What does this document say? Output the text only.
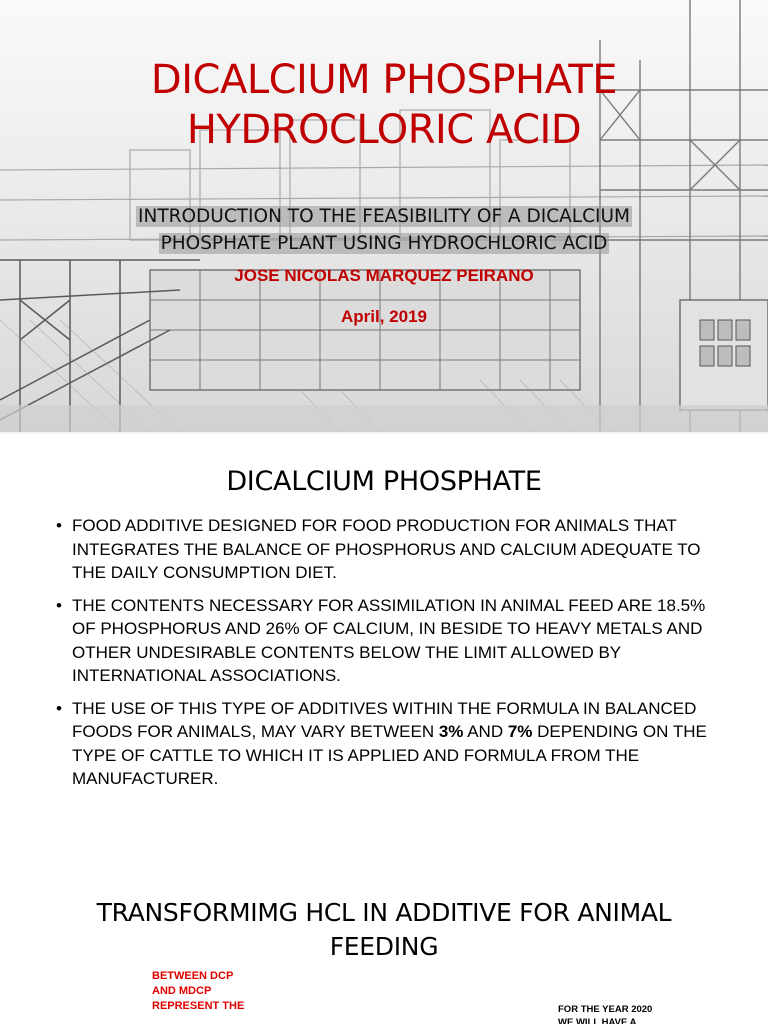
DICALCIUM PHOSPHATE
HYDROCLORIC ACID
INTRODUCTION TO THE FEASIBILITY OF A DICALCIUM
PHOSPHATE PLANT USING HYDROCHLORIC ACID
JOSE NICOLAS MARQUEZ PEIRANO
April, 2019
DICALCIUM PHOSPHATE
• FOOD ADDITIVE DESIGNED FOR FOOD PRODUCTION FOR ANIMALS THAT INTEGRATES THE BALANCE OF PHOSPHORUS AND CALCIUM ADEQUATE TO THE DAILY CONSUMPTION DIET.
• THE CONTENTS NECESSARY FOR ASSIMILATION IN ANIMAL FEED ARE 18.5% OF PHOSPHORUS AND 26% OF CALCIUM, IN BESIDE TO HEAVY METALS AND OTHER UNDESIRABLE CONTENTS BELOW THE LIMIT ALLOWED BY INTERNATIONAL ASSOCIATIONS.
• THE USE OF THIS TYPE OF ADDITIVES WITHIN THE FORMULA IN BALANCED FOODS FOR ANIMALS, MAY VARY BETWEEN 3% AND 7% DEPENDING ON THE TYPE OF CATTLE TO WHICH IT IS APPLIED AND FORMULA FROM THE MANUFACTURER.
TRANSFORMIMG HCL IN ADDITIVE FOR ANIMAL
FEEDING
BETWEEN DCP
AND MDCP
REPRESENT THE	FOR THE YEAR 2020
WE WILL HAVE A
